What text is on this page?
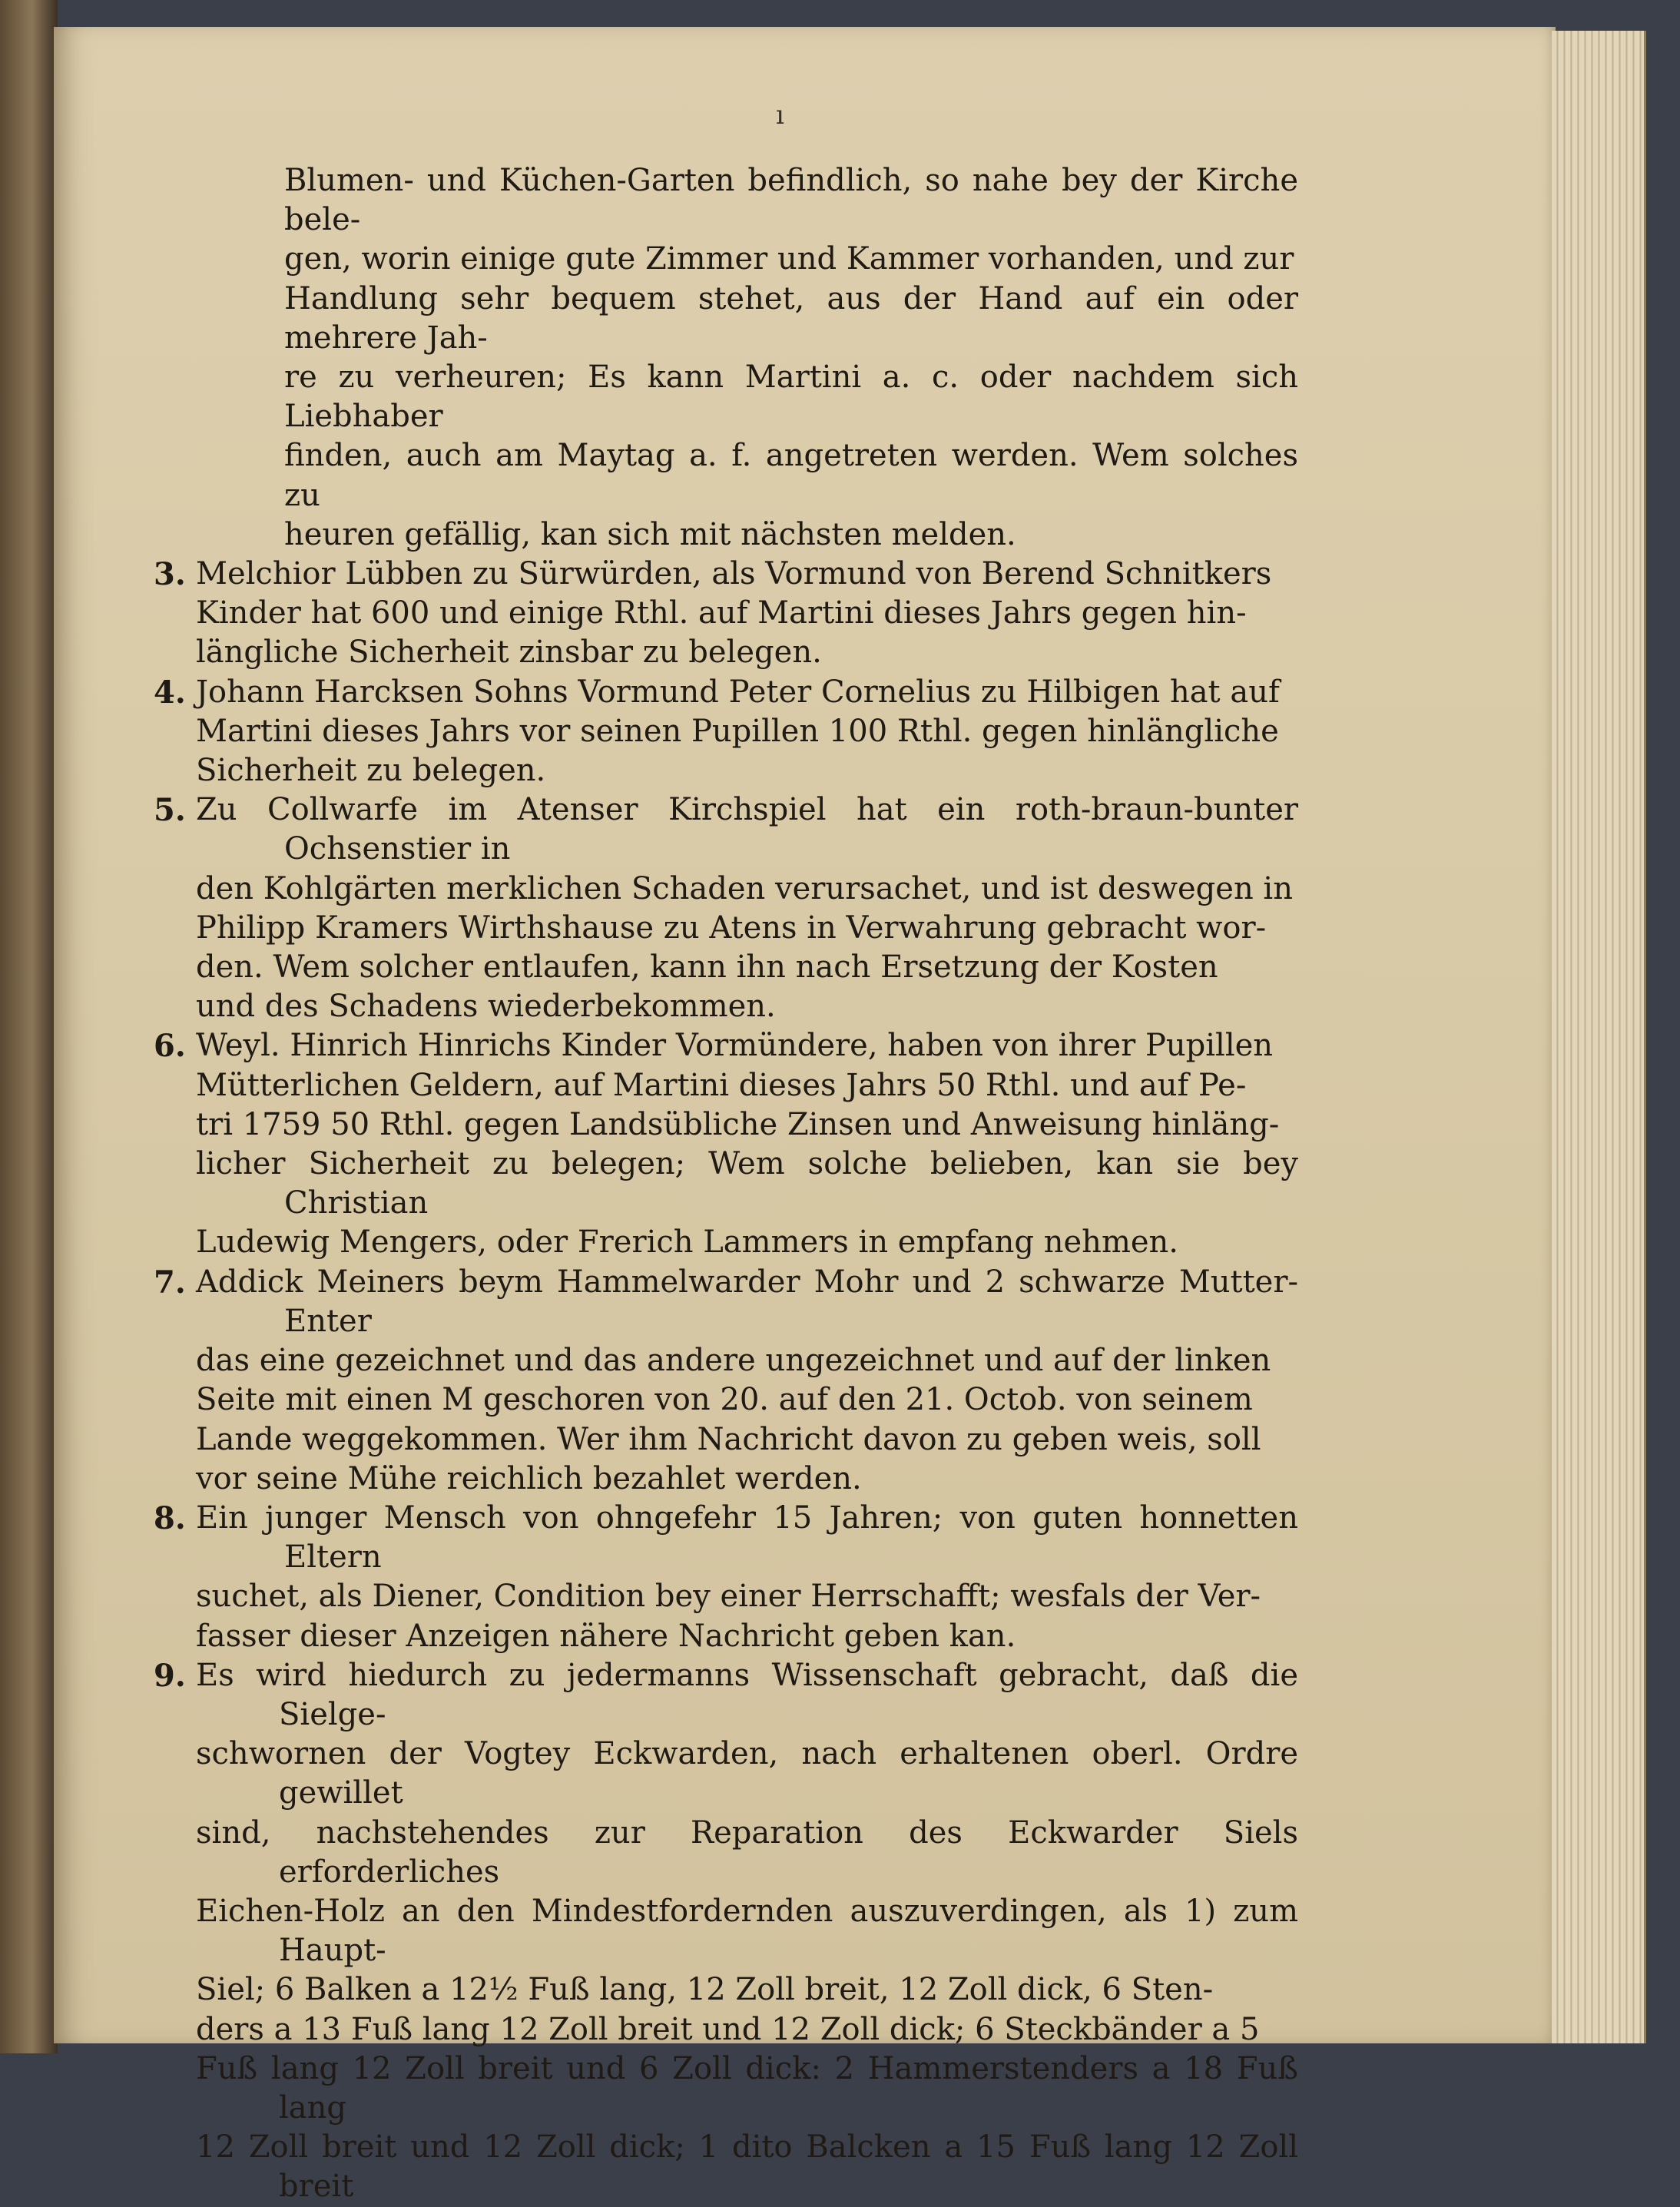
ı
Blumen- und Küchen-Garten befindlich, so nahe bey der Kirche bele-
gen, worin einige gute Zimmer und Kammer vorhanden, und zur
Handlung sehr bequem stehet, aus der Hand auf ein oder mehrere Jah-
re zu verheuren; Es kann Martini a. c. oder nachdem sich Liebhaber
finden, auch am Maytag a. f. angetreten werden. Wem solches zu
heuren gefällig, kan sich mit nächsten melden.
3. Melchior Lübben zu Sürwürden, als Vormund von Berend Schnitkers
Kinder hat 600 und einige Rthl. auf Martini dieses Jahrs gegen hin-
längliche Sicherheit zinsbar zu belegen.
4. Johann Harcksen Sohns Vormund Peter Cornelius zu Hilbigen hat auf
Martini dieses Jahrs vor seinen Pupillen 100 Rthl. gegen hinlängliche
Sicherheit zu belegen.
5. Zu Collwarfe im Atenser Kirchspiel hat ein roth-braun-bunter Ochsenstier in
den Kohlgärten merklichen Schaden verursachet, und ist deswegen in
Philipp Kramers Wirthshause zu Atens in Verwahrung gebracht wor-
den. Wem solcher entlaufen, kann ihn nach Ersetzung der Kosten
und des Schadens wiederbekommen.
6. Weyl. Hinrich Hinrichs Kinder Vormündere, haben von ihrer Pupillen
Mütterlichen Geldern, auf Martini dieses Jahrs 50 Rthl. und auf Pe-
tri 1759 50 Rthl. gegen Landsübliche Zinsen und Anweisung hinläng-
licher Sicherheit zu belegen; Wem solche belieben, kan sie bey Christian
Ludewig Mengers, oder Frerich Lammers in empfang nehmen.
7. Addick Meiners beym Hammelwarder Mohr und 2 schwarze Mutter-Enter
das eine gezeichnet und das andere ungezeichnet und auf der linken
Seite mit einen M geschoren von 20. auf den 21. Octob. von seinem
Lande weggekommen. Wer ihm Nachricht davon zu geben weis, soll
vor seine Mühe reichlich bezahlet werden.
8. Ein junger Mensch von ohngefehr 15 Jahren; von guten honnetten Eltern
suchet, als Diener, Condition bey einer Herrschafft; wesfals der Ver-
fasser dieser Anzeigen nähere Nachricht geben kan.
9. Es wird hiedurch zu jedermanns Wissenschaft gebracht, daß die Sielge-
schwornen der Vogtey Eckwarden, nach erhaltenen oberl. Ordre gewillet
sind, nachstehendes zur Reparation des Eckwarder Siels erforderliches
Eichen-Holz an den Mindestfordernden auszuverdingen, als 1) zum Haupt-
Siel; 6 Balken a 12½ Fuß lang, 12 Zoll breit, 12 Zoll dick, 6 Sten-
ders a 13 Fuß lang 12 Zoll breit und 12 Zoll dick; 6 Steckbänder a 5
Fuß lang 12 Zoll breit und 6 Zoll dick: 2 Hammerstenders a 18 Fuß lang
12 Zoll breit und 12 Zoll dick; 1 dito Balcken a 15 Fuß lang 12 Zoll breit
